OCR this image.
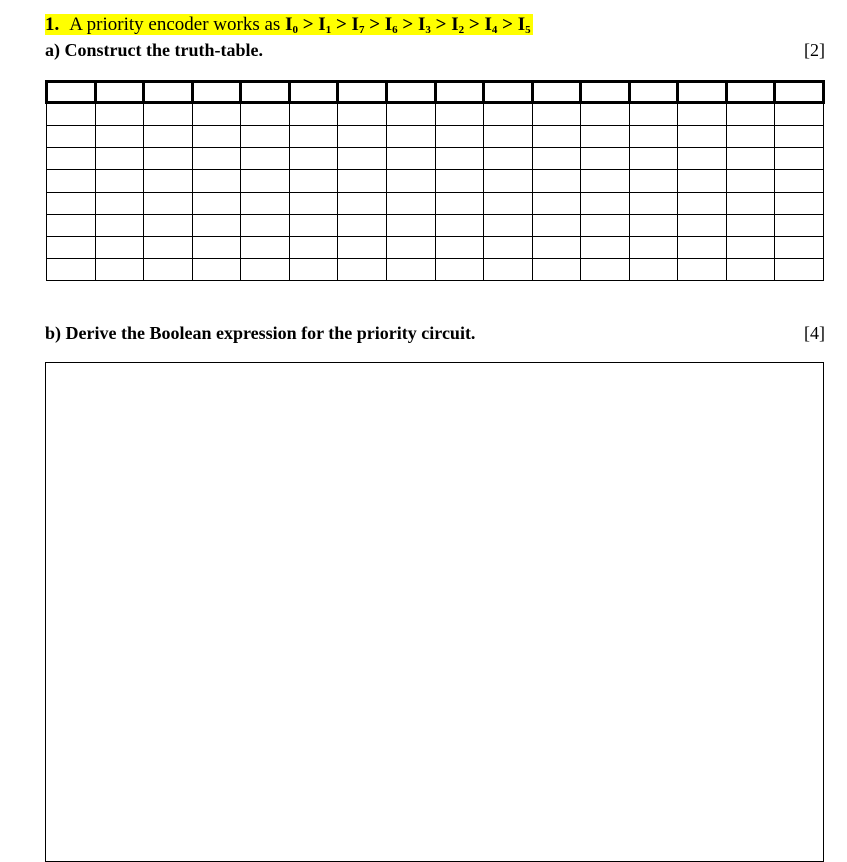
1. A priority encoder works as $I_0 > I_1 > I_7 > I_6 > I_3 > I_2 > I_4 > I_5$
a) Construct the truth-table.	[2]

b) Derive the Boolean expression for the priority circuit.	[4]
